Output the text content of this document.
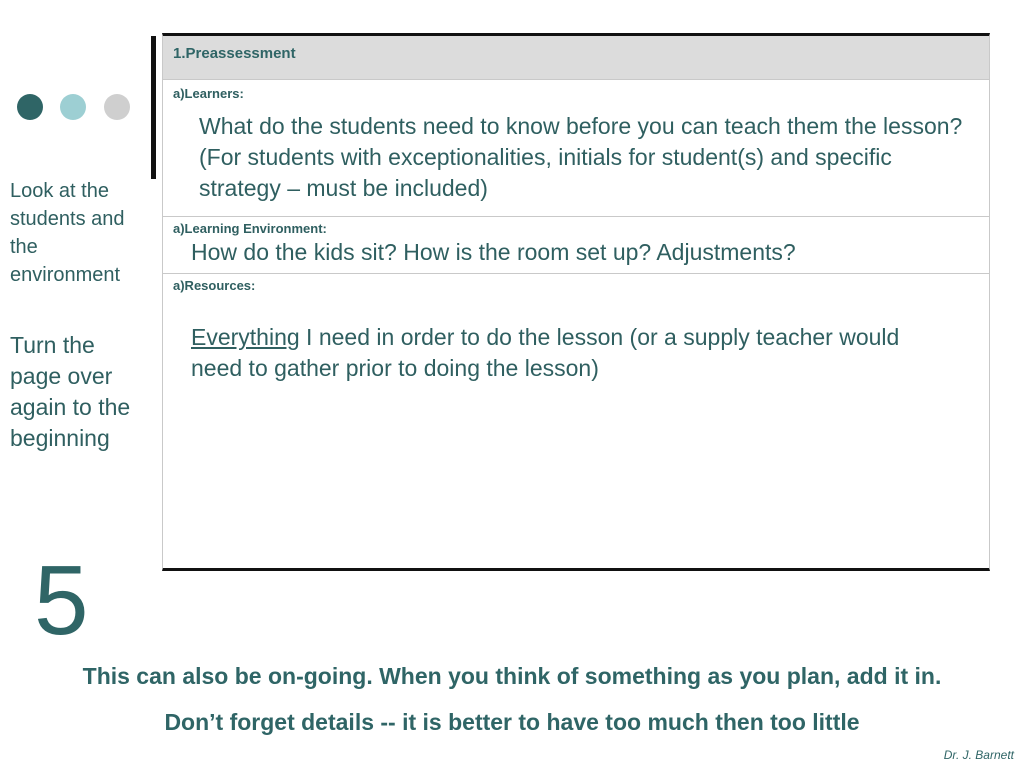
Look at the students and the environment
Turn the page over again to the beginning
5
1.Preassessment
a)Learners:
What do the students need to know before you can teach them the lesson? (For students with exceptionalities, initials for student(s) and specific strategy – must be included)
a)Learning Environment:
How do the kids sit? How is the room set up? Adjustments?
a)Resources:
Everything I need in order to do the lesson (or a supply teacher would need to gather prior to doing the lesson)
This can also be on-going. When you think of something as you plan, add it in.
Don’t forget details -- it is better to have too much then too little
Dr. J. Barnett
